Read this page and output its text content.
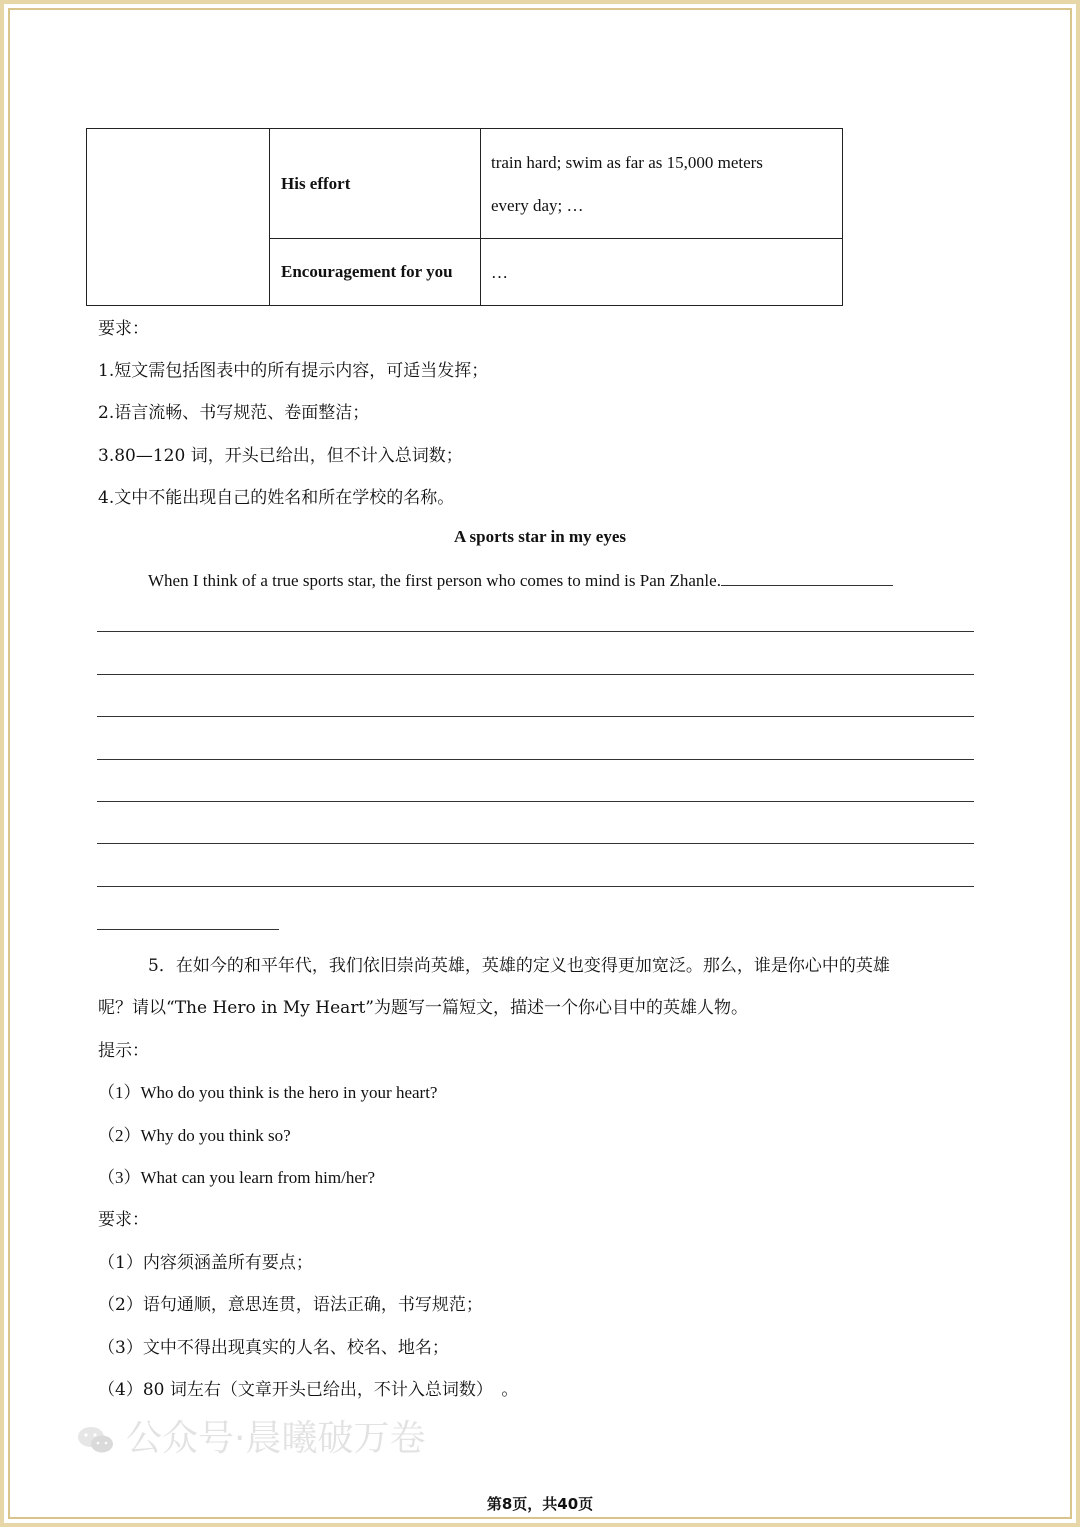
	His effort	train hard; swim as far as 15,000 meters
every day; …

	Encouragement for you	…
要求：
1.短文需包括图表中的所有提示内容，可适当发挥；
2.语言流畅、书写规范、卷面整洁；
3.80—120 词，开头已给出，但不计入总词数；
4.文中不能出现自己的姓名和所在学校的名称。
A sports star in my eyes
When I think of a true sports star, the first person who comes to mind is Pan Zhanle.
5．在如今的和平年代，我们依旧崇尚英雄，英雄的定义也变得更加宽泛。那么，谁是你心中的英雄
呢？请以“The Hero in My Heart”为题写一篇短文，描述一个你心目中的英雄人物。
提示：
（1）Who do you think is the hero in your heart?
（2）Why do you think so?
（3）What can you learn from him/her?
要求：
（1）内容须涵盖所有要点；
（2）语句通顺，意思连贯，语法正确，书写规范；
（3）文中不得出现真实的人名、校名、地名；
（4）80 词左右（文章开头已给出，不计入总词数）　。
公众号·晨曦破万卷
第8页，共40页
